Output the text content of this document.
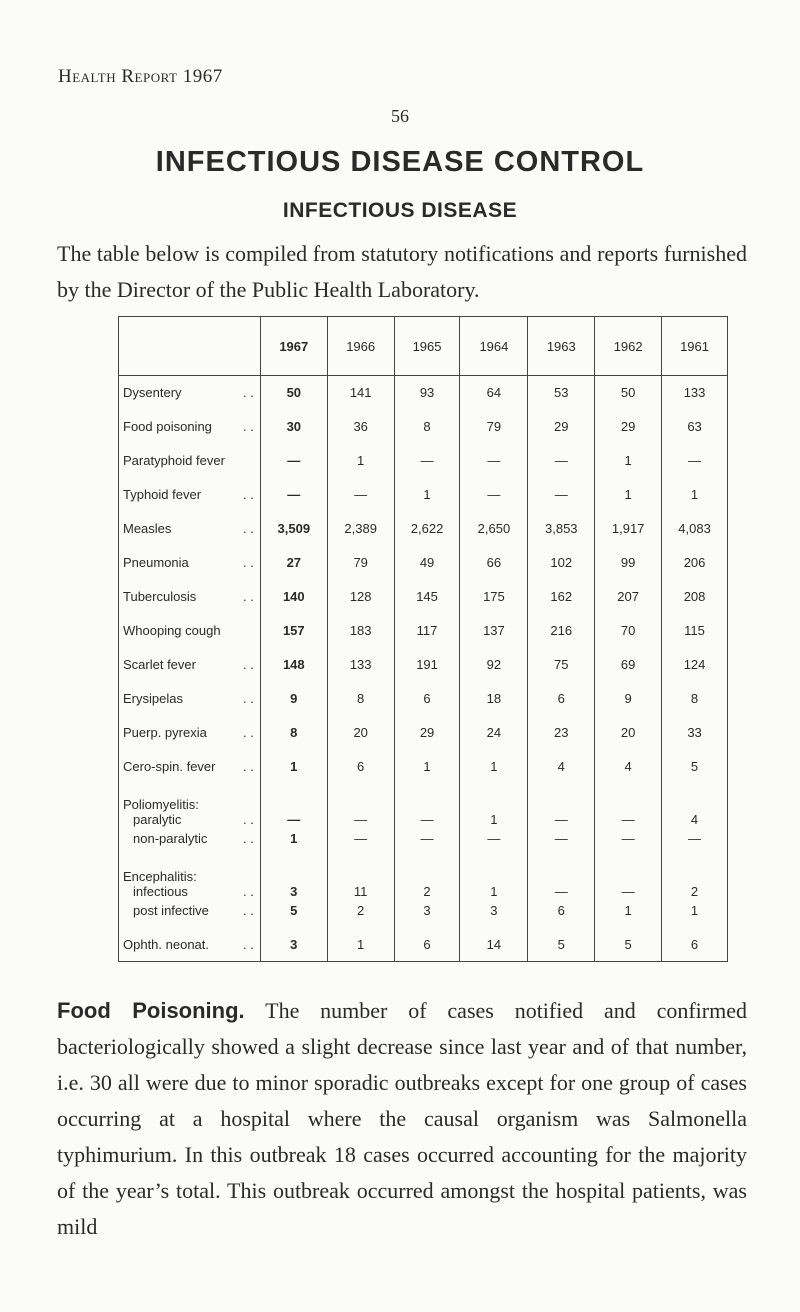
Health Report 1967
56
INFECTIOUS DISEASE CONTROL
INFECTIOUS DISEASE
The table below is compiled from statutory notifications and reports furnished by the Director of the Public Health Laboratory.
	1967	1966	1965	1964	1963	1962	1961
Dysentery . .	50	141	93	64	53	50	133
Food poisoning . .	30	36	8	79	29	29	63
Paratyphoid fever	—	1	—	—	—	1	—
Typhoid fever . .	—	—	1	—	—	1	1
Measles . .	3,509	2,389	2,622	2,650	3,853	1,917	4,083
Pneumonia . .	27	79	49	66	102	99	206
Tuberculosis . .	140	128	145	175	162	207	208
Whooping cough	157	183	117	137	216	70	115
Scarlet fever . .	148	133	191	92	75	69	124
Erysipelas . .	9	8	6	18	6	9	8
Puerp. pyrexia . .	8	20	29	24	23	20	33
Cero-spin. fever . .	1	6	1	1	4	4	5
Poliomyelitis:							
paralytic . .	—	—	—	1	—	—	4
non-paralytic . .	1	—	—	—	—	—	—
Encephalitis:							
infectious . .	3	11	2	1	—	—	2
post infective . .	5	2	3	3	6	1	1
Ophth. neonat. . .	3	1	6	14	5	5	6
Food Poisoning. The number of cases notified and confirmed bacteriologically showed a slight decrease since last year and of that number, i.e. 30 all were due to minor sporadic outbreaks except for one group of cases occurring at a hospital where the causal organism was Salmonella typhimurium. In this outbreak 18 cases occurred accounting for the majority of the year’s total. This outbreak occurred amongst the hospital patients, was mild
